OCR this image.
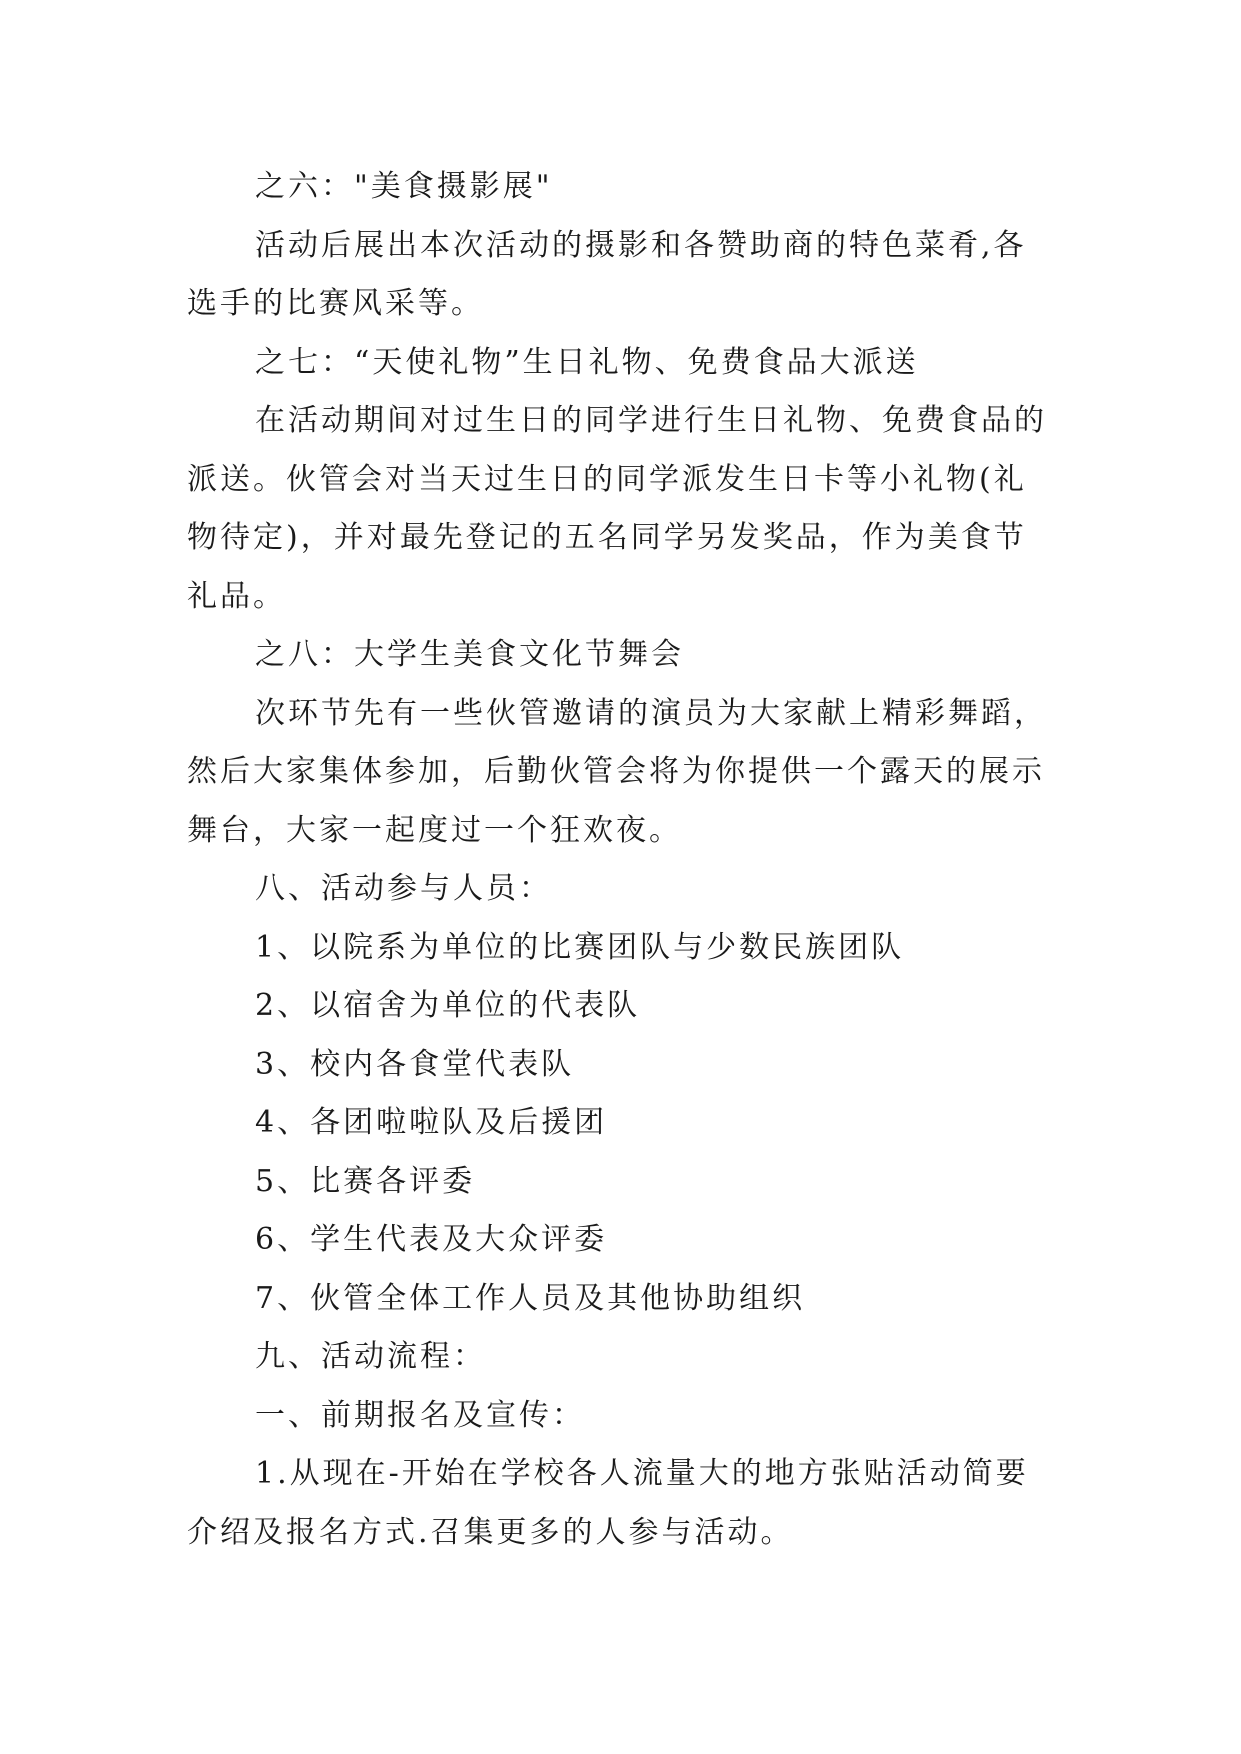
之六："美食摄影展"

活动后展出本次活动的摄影和各赞助商的特色菜肴,各选手的比赛风采等。

之七：“天使礼物”生日礼物、免费食品大派送

在活动期间对过生日的同学进行生日礼物、免费食品的派送。伙管会对当天过生日的同学派发生日卡等小礼物(礼物待定)，并对最先登记的五名同学另发奖品，作为美食节礼品。

之八：大学生美食文化节舞会

次环节先有一些伙管邀请的演员为大家献上精彩舞蹈，然后大家集体参加，后勤伙管会将为你提供一个露天的展示舞台，大家一起度过一个狂欢夜。

八、活动参与人员：

1、以院系为单位的比赛团队与少数民族团队

2、以宿舍为单位的代表队

3、校内各食堂代表队

4、各团啦啦队及后援团

5、比赛各评委

6、学生代表及大众评委

7、伙管全体工作人员及其他协助组织

九、活动流程：

一、前期报名及宣传：

1.从现在-开始在学校各人流量大的地方张贴活动简要介绍及报名方式.召集更多的人参与活动。
